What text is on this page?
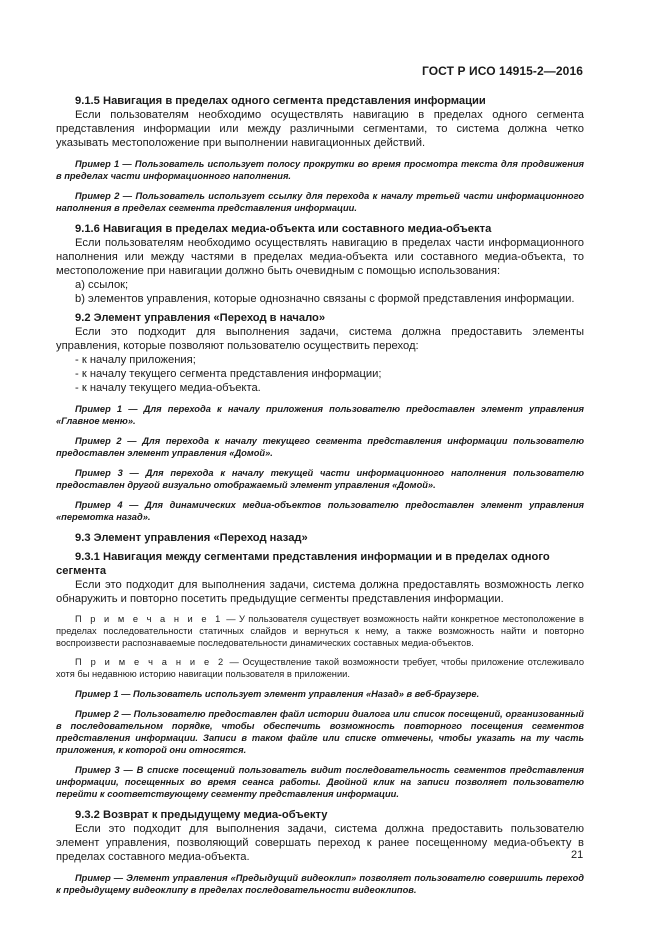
ГОСТ Р ИСО 14915-2—2016
9.1.5 Навигация в пределах одного сегмента представления информации
Если пользователям необходимо осуществлять навигацию в пределах одного сегмента представления информации или между различными сегментами, то система должна четко указывать местоположение при выполнении навигационных действий.
Пример 1 — Пользователь использует полосу прокрутки во время просмотра текста для продвижения в пределах части информационного наполнения.
Пример 2 — Пользователь использует ссылку для перехода к началу третьей части информационного наполнения в пределах сегмента представления информации.
9.1.6 Навигация в пределах медиа-объекта или составного медиа-объекта
Если пользователям необходимо осуществлять навигацию в пределах части информационного наполнения или между частями в пределах медиа-объекта или составного медиа-объекта, то местоположение при навигации должно быть очевидным с помощью использования:
a) ссылок;
b) элементов управления, которые однозначно связаны с формой представления информации.
9.2 Элемент управления «Переход в начало»
Если это подходит для выполнения задачи, система должна предоставить элементы управления, которые позволяют пользователю осуществить переход:
- к началу приложения;
- к началу текущего сегмента представления информации;
- к началу текущего медиа-объекта.
Пример 1 — Для перехода к началу приложения пользователю предоставлен элемент управления «Главное меню».
Пример 2 — Для перехода к началу текущего сегмента представления информации пользователю предоставлен элемент управления «Домой».
Пример 3 — Для перехода к началу текущей части информационного наполнения пользователю предоставлен другой визуально отображаемый элемент управления «Домой».
Пример 4 — Для динамических медиа-объектов пользователю предоставлен элемент управления «перемотка назад».
9.3 Элемент управления «Переход назад»
9.3.1 Навигация между сегментами представления информации и в пределах одного сегмента
Если это подходит для выполнения задачи, система должна предоставлять возможность легко обнаружить и повторно посетить предыдущие сегменты представления информации.
П р и м е ч а н и е 1 — У пользователя существует возможность найти конкретное местоположение в пределах последовательности статичных слайдов и вернуться к нему, а также возможность найти и повторно воспроизвести распознаваемые последовательности динамических составных медиа-объектов.
П р и м е ч а н и е 2 — Осуществление такой возможности требует, чтобы приложение отслеживало хотя бы недавнюю историю навигации пользователя в приложении.
Пример 1 — Пользователь использует элемент управления «Назад» в веб-браузере.
Пример 2 — Пользователю предоставлен файл истории диалога или список посещений, организованный в последовательном порядке, чтобы обеспечить возможность повторного посещения сегментов представления информации. Записи в таком файле или списке отмечены, чтобы указать на ту часть приложения, к которой они относятся.
Пример 3 — В списке посещений пользователь видит последовательность сегментов представления информации, посещенных во время сеанса работы. Двойной клик на записи позволяет пользователю перейти к соответствующему сегменту представления информации.
9.3.2 Возврат к предыдущему медиа-объекту
Если это подходит для выполнения задачи, система должна предоставить пользователю элемент управления, позволяющий совершать переход к ранее посещенному медиа-объекту в пределах составного медиа-объекта.
Пример — Элемент управления «Предыдущий видеоклип» позволяет пользователю совершить переход к предыдущему видеоклипу в пределах последовательности видеоклипов.
21
